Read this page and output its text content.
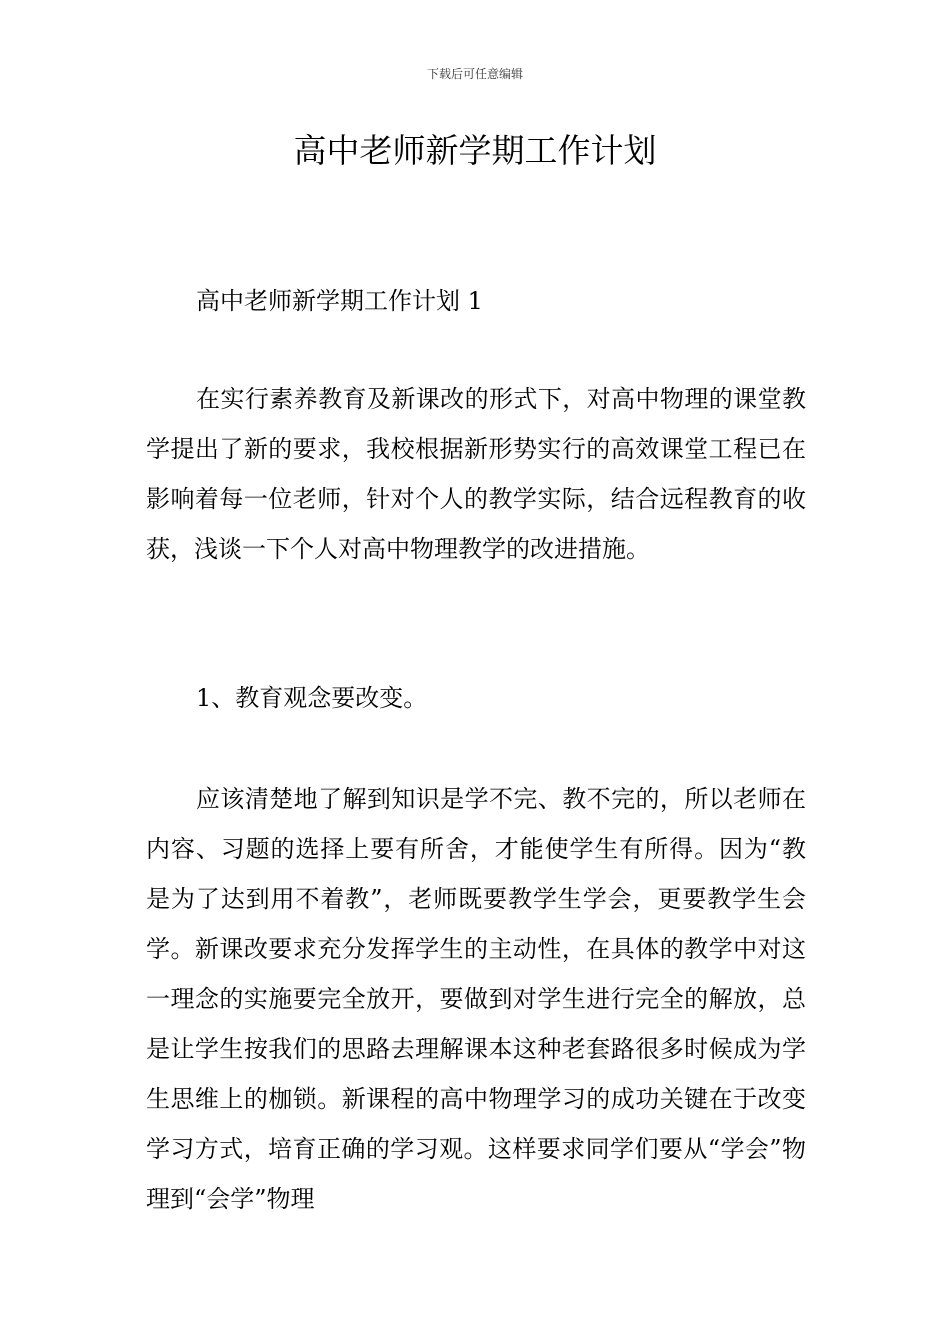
下载后可任意编辑
高中老师新学期工作计划
高中老师新学期工作计划 1

在实行素养教育及新课改的形式下，对高中物理的课堂教学提出了新的要求，我校根据新形势实行的高效课堂工程已在影响着每一位老师，针对个人的教学实际，结合远程教育的收获，浅谈一下个人对高中物理教学的改进措施。

1、教育观念要改变。

应该清楚地了解到知识是学不完、教不完的，所以老师在内容、习题的选择上要有所舍，才能使学生有所得。因为“教是为了达到用不着教”，老师既要教学生学会，更要教学生会学。新课改要求充分发挥学生的主动性，在具体的教学中对这一理念的实施要完全放开，要做到对学生进行完全的解放，总是让学生按我们的思路去理解课本这种老套路很多时候成为学生思维上的枷锁。新课程的高中物理学习的成功关键在于改变学习方式，培育正确的学习观。这样要求同学们要从“学会”物理到“会学”物理
